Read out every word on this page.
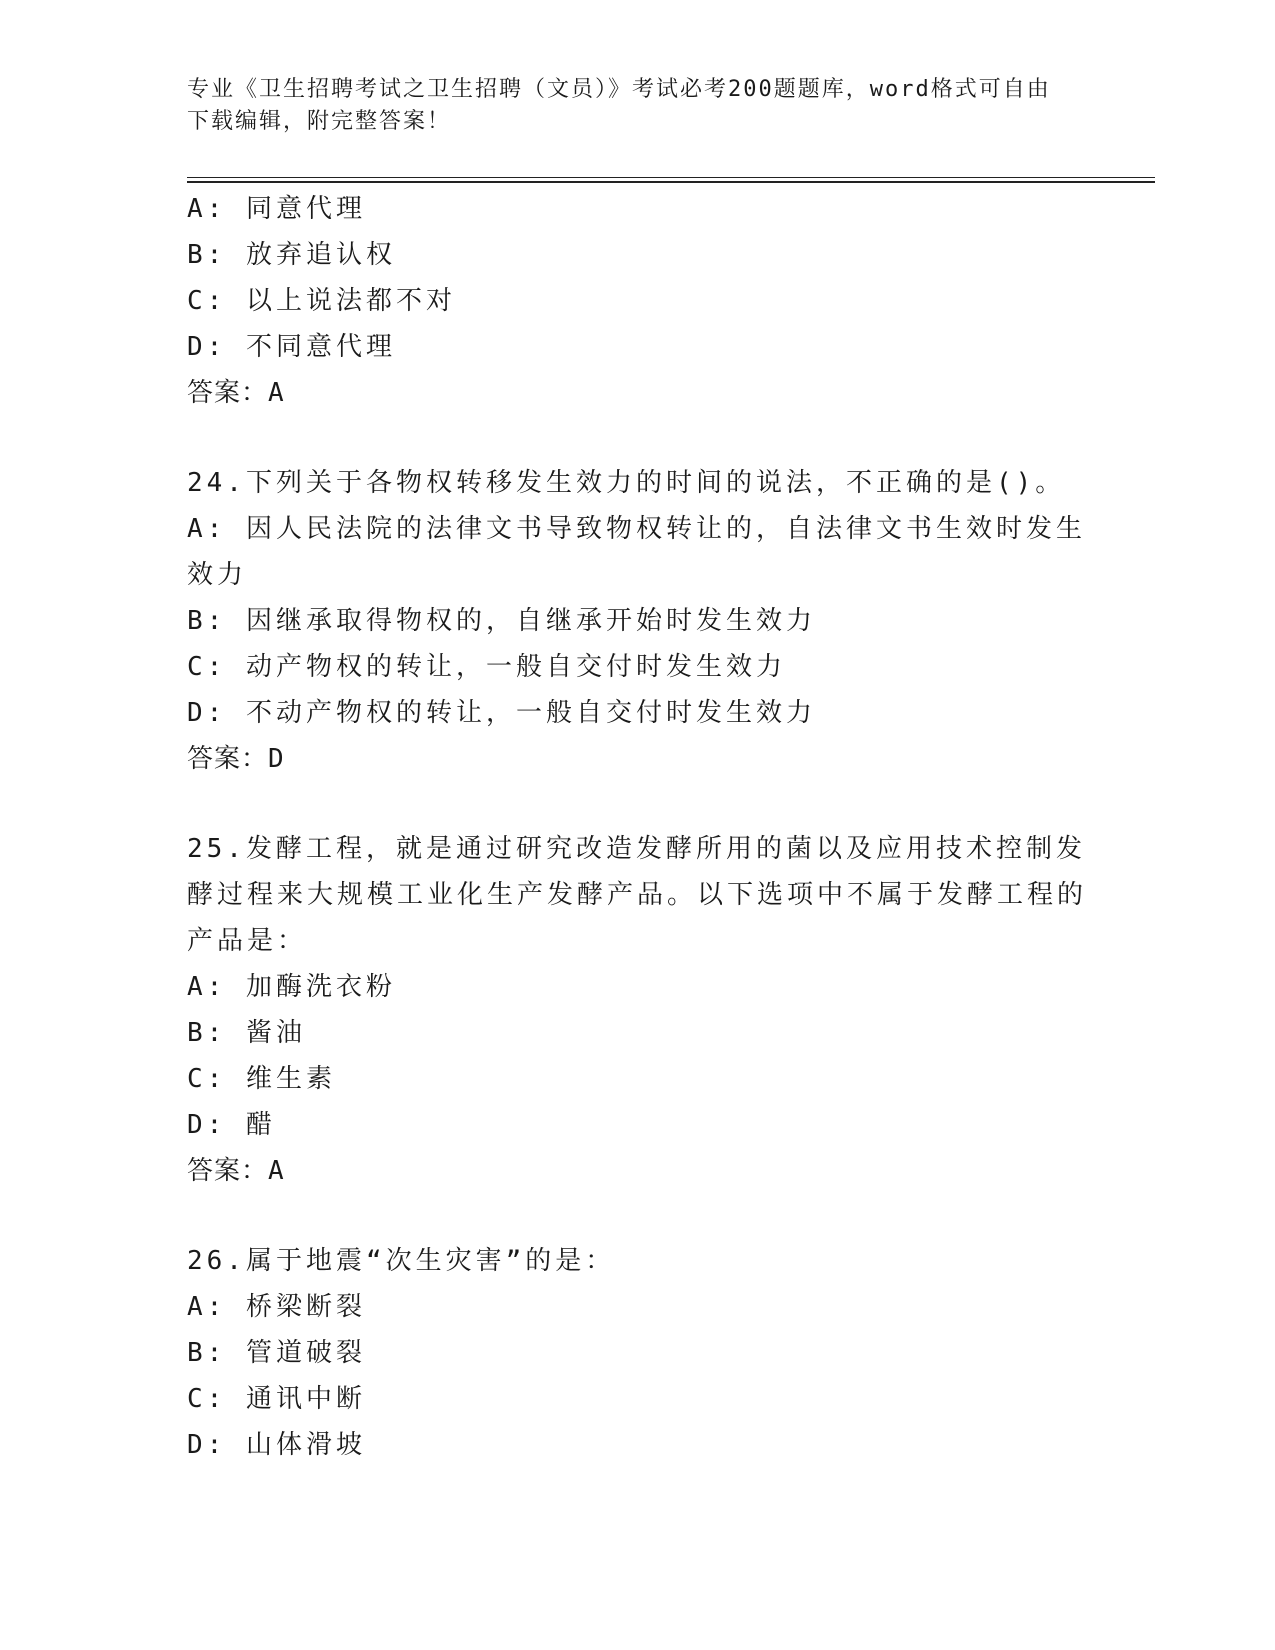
专业《卫生招聘考试之卫生招聘（文员）》考试必考200题题库，word格式可自由下载编辑，附完整答案！
A: 同意代理
B: 放弃追认权
C: 以上说法都不对
D: 不同意代理
答案：A
24.下列关于各物权转移发生效力的时间的说法，不正确的是()。
A: 因人民法院的法律文书导致物权转让的，自法律文书生效时发生效力
B: 因继承取得物权的，自继承开始时发生效力
C: 动产物权的转让，一般自交付时发生效力
D: 不动产物权的转让，一般自交付时发生效力
答案：D
25.发酵工程，就是通过研究改造发酵所用的菌以及应用技术控制发酵过程来大规模工业化生产发酵产品。以下选项中不属于发酵工程的产品是：
A: 加酶洗衣粉
B: 酱油
C: 维生素
D: 醋
答案：A
26.属于地震“次生灾害”的是：
A: 桥梁断裂
B: 管道破裂
C: 通讯中断
D: 山体滑坡
